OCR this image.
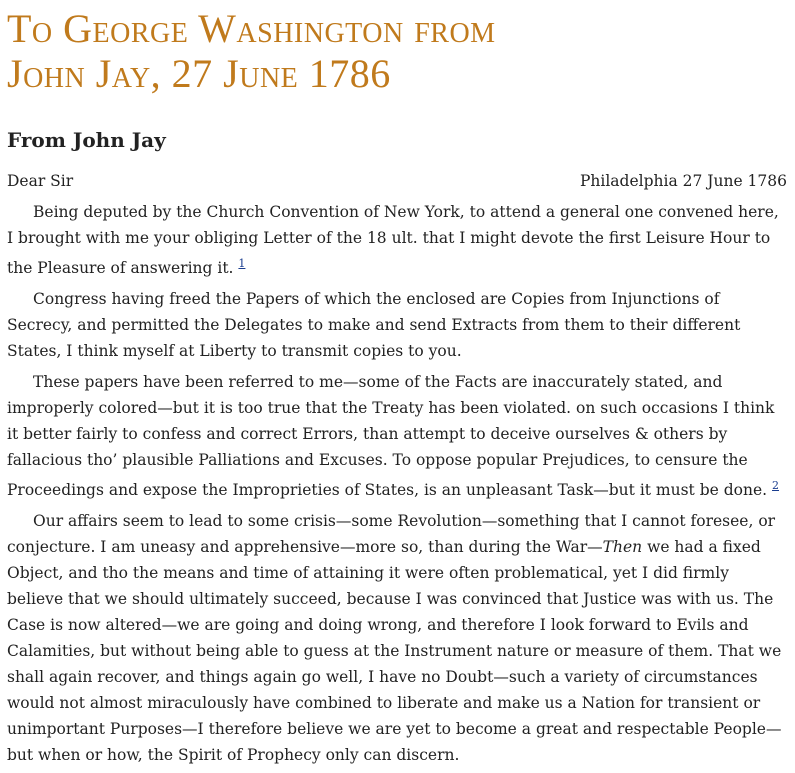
To George Washington from
John Jay, 27 June 1786
From John Jay
Dear Sir	Philadelphia 27 June 1786

Being deputed by the Church Convention of New York, to attend a general one convened here, I brought with me your obliging Letter of the 18 ult. that I might devote the first Leisure Hour to the Pleasure of answering it. $^1$

Congress having freed the Papers of which the enclosed are Copies from Injunctions of Secrecy, and permitted the Delegates to make and send Extracts from them to their different States, I think myself at Liberty to transmit copies to you.

These papers have been referred to me—some of the Facts are inaccurately stated, and improperly colored—but it is too true that the Treaty has been violated. on such occasions I think it better fairly to confess and correct Errors, than attempt to deceive ourselves & others by fallacious tho’ plausible Palliations and Excuses. To oppose popular Prejudices, to censure the Proceedings and expose the Improprieties of States, is an unpleasant Task—but it must be done. $^2$

Our affairs seem to lead to some crisis—some Revolution—something that I cannot foresee, or conjecture. I am uneasy and apprehensive—more so, than during the War—Then we had a fixed Object, and tho the means and time of attaining it were often problematical, yet I did firmly believe that we should ultimately succeed, because I was convinced that Justice was with us. The Case is now altered—we are going and doing wrong, and therefore I look forward to Evils and Calamities, but without being able to guess at the Instrument nature or measure of them. That we shall again recover, and things again go well, I have no Doubt—such a variety of circumstances would not almost miraculously have combined to liberate and make us a Nation for transient or unimportant Purposes—I therefore believe we are yet to become a great and respectable People—but when or how, the Spirit of Prophecy only can discern.
